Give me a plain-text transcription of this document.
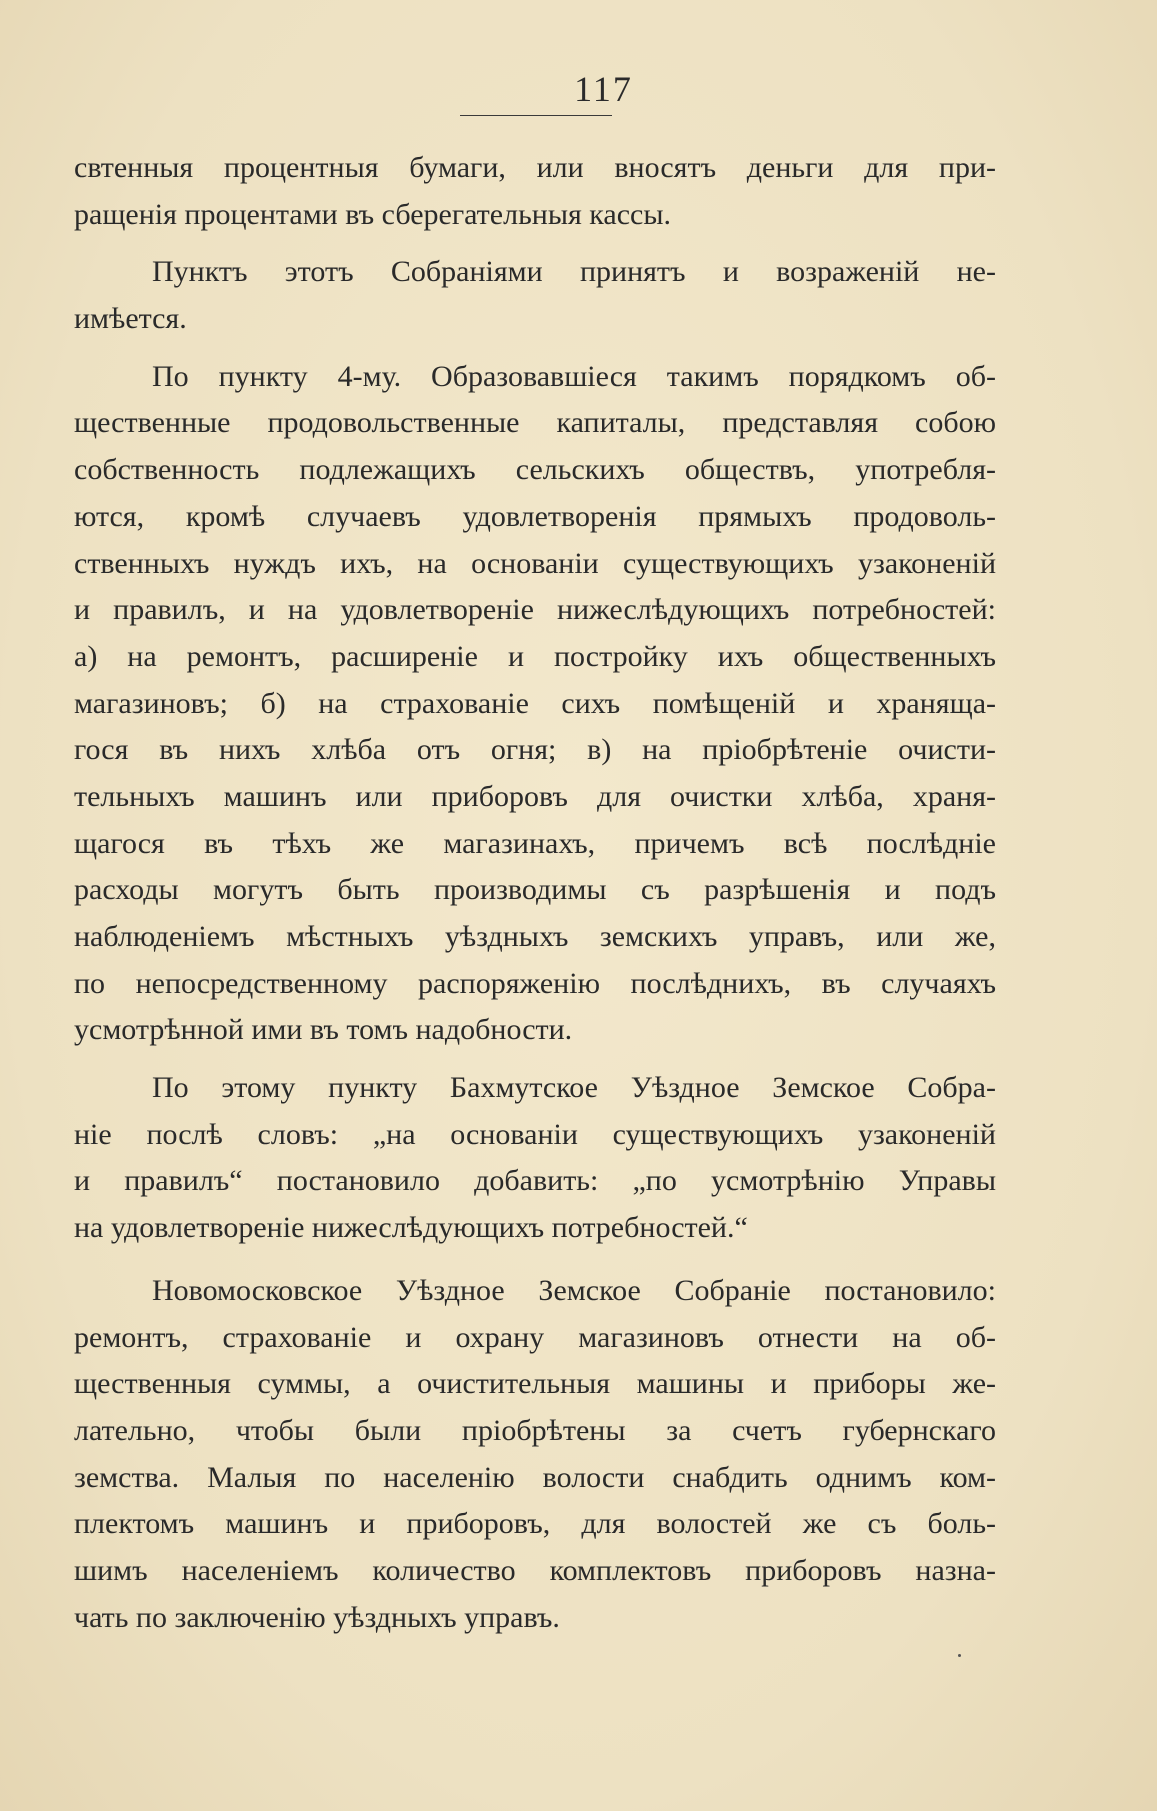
117
свтенныя процентныя бумаги, или вносятъ деньги для при-
ращенія процентами въ сберегательныя кассы.
Пунктъ этотъ Собраніями принятъ и возраженій не-
имѣется.
По пункту 4-му. Образовавшіеся такимъ порядкомъ об-
щественные продовольственные капиталы, представляя собою
собственность подлежащихъ сельскихъ обществъ, употребля-
ются, кромѣ случаевъ удовлетворенія прямыхъ продоволь-
ственныхъ нуждъ ихъ, на основаніи существующихъ узаконеній
и правилъ, и на удовлетвореніе нижеслѣдующихъ потребностей:
а) на ремонтъ, расширеніе и постройку ихъ общественныхъ
магазиновъ; б) на страхованіе сихъ помѣщеній и хранящa-
гося въ нихъ хлѣба отъ огня; в) на пріобрѣтеніе очисти-
тельныхъ машинъ или приборовъ для очистки хлѣба, храня-
щагося въ тѣхъ же магазинахъ, причемъ всѣ послѣдніе
расходы могутъ быть производимы съ разрѣшенія и подъ
наблюденіемъ мѣстныхъ уѣздныхъ земскихъ управъ, или же,
по непосредственному распоряженію послѣднихъ, въ случаяхъ
усмотрѣнной ими въ томъ надобности.
По этому пункту Бахмутское Уѣздное Земское Собра-
ніе послѣ словъ: „на основаніи существующихъ узаконеній
и правилъ“ постановило добавить: „по усмотрѣнію Управы
на удовлетвореніе нижеслѣдующихъ потребностей.“
Новомосковское Уѣздное Земское Собраніе постановило:
ремонтъ, страхованіе и охрану магазиновъ отнести на об-
щественныя суммы, а очистительныя машины и приборы же-
лательно, чтобы были пріобрѣтены за счетъ губернскаго
земства. Малыя по населенію волости снабдить однимъ ком-
плектомъ машинъ и приборовъ, для волостей же съ боль-
шимъ населеніемъ количество комплектовъ приборовъ назна-
чать по заключенію уѣздныхъ управъ.
